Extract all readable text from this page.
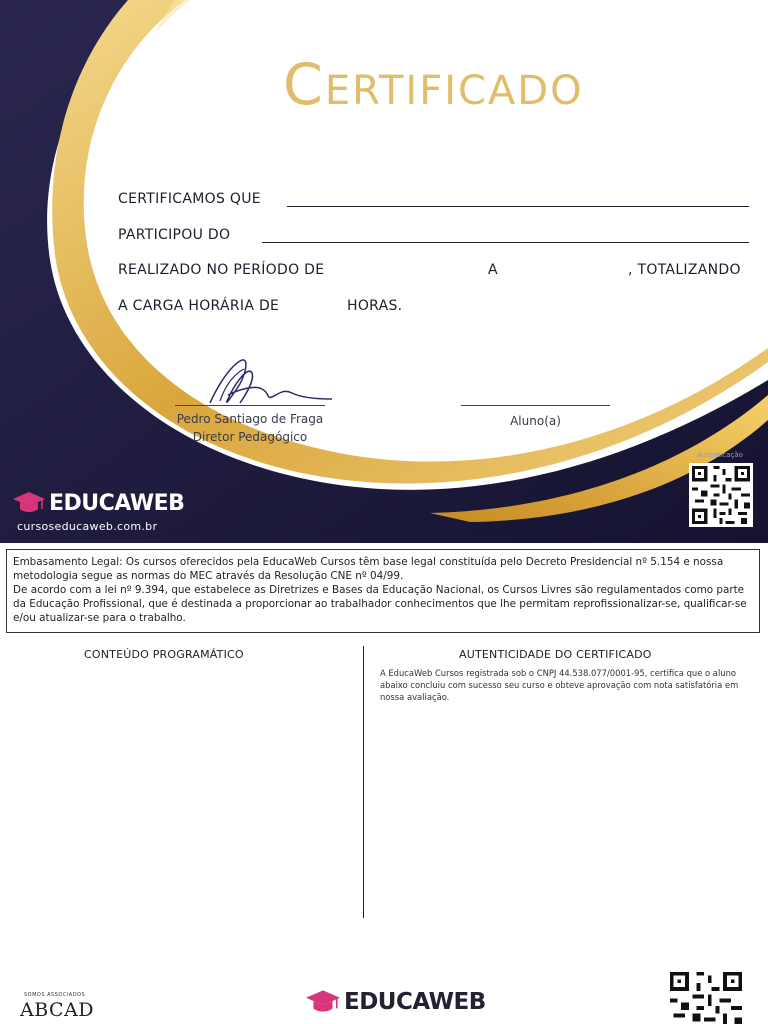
CERTIFICADO
CERTIFICAMOS QUE
PARTICIPOU DO
REALIZADO NO PERÍODO DE	A	, TOTALIZANDO
A CARGA HORÁRIA DE	HORAS.
Pedro Santiago de Fraga
Diretor Pedagógico
Aluno(a)
Autenticação
EDUCAWEB
cursoseducaweb.com.br
Embasamento Legal: Os cursos oferecidos pela EducaWeb Cursos têm base legal constituída pelo Decreto Presidencial nº 5.154 e nossa metodologia segue as normas do MEC através da Resolução CNE nº 04/99.
De acordo com a lei nº 9.394, que estabelece as Diretrizes e Bases da Educação Nacional, os Cursos Livres são regulamentados como parte da Educação Profissional, que é destinada a proporcionar ao trabalhador conhecimentos que lhe permitam reprofissionalizar-se, qualificar-se e/ou atualizar-se para o trabalho.
CONTEÚDO PROGRAMÁTICO	AUTENTICIDADE DO CERTIFICADO
A EducaWeb Cursos registrada sob o CNPJ 44.538.077/0001-95, certifica que o aluno abaixo concluiu com sucesso seu curso e obteve aprovação com nota satisfatória em nossa avaliação.
SOMOS ASSOCIADOS
ABCAD	EDUCAWEB
